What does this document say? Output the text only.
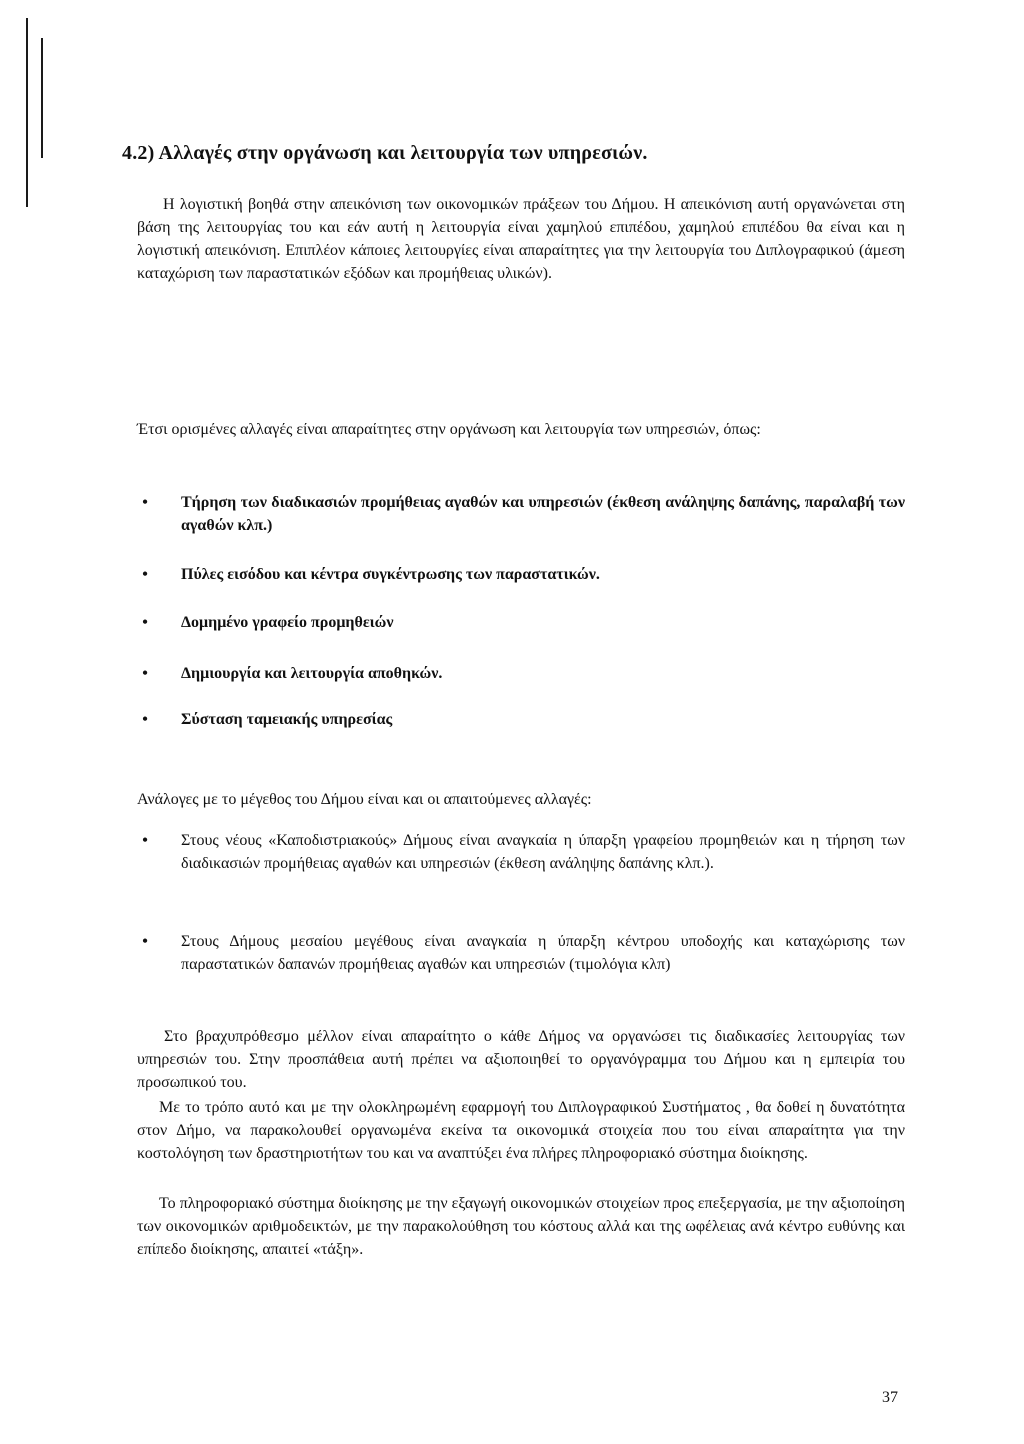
4.2) Αλλαγές στην οργάνωση και λειτουργία των υπηρεσιών.

Η λογιστική βοηθά στην απεικόνιση των οικονομικών πράξεων του Δήμου. Η απεικόνιση αυτή οργανώνεται στη βάση της λειτουργίας του και εάν αυτή η λειτουργία είναι χαμηλού επιπέδου, χαμηλού επιπέδου θα είναι και η λογιστική απεικόνιση. Επιπλέον κάποιες λειτουργίες είναι απαραίτητες για την λειτουργία του Διπλογραφικού (άμεση καταχώριση των παραστατικών εξόδων και προμήθειας υλικών).

Έτσι ορισμένες αλλαγές είναι απαραίτητες στην οργάνωση και λειτουργία των υπηρεσιών, όπως:

• Τήρηση των διαδικασιών προμήθειας αγαθών και υπηρεσιών (έκθεση ανάληψης δαπάνης, παραλαβή των αγαθών κλπ.)
• Πύλες εισόδου και κέντρα συγκέντρωσης των παραστατικών.
• Δομημένο γραφείο προμηθειών
• Δημιουργία και λειτουργία αποθηκών.
• Σύσταση ταμειακής υπηρεσίας

Ανάλογες με το μέγεθος του Δήμου είναι και οι απαιτούμενες αλλαγές:

• Στους νέους «Καποδιστριακούς» Δήμους είναι αναγκαία η ύπαρξη γραφείου προμηθειών και η τήρηση των διαδικασιών προμήθειας αγαθών και υπηρεσιών (έκθεση ανάληψης δαπάνης κλπ.).
• Στους Δήμους μεσαίου μεγέθους είναι αναγκαία η ύπαρξη κέντρου υποδοχής και καταχώρισης των παραστατικών δαπανών προμήθειας αγαθών και υπηρεσιών (τιμολόγια κλπ)

Στο βραχυπρόθεσμο μέλλον είναι απαραίτητο ο κάθε Δήμος να οργανώσει τις διαδικασίες λειτουργίας των υπηρεσιών του. Στην προσπάθεια αυτή πρέπει να αξιοποιηθεί το οργανόγραμμα του Δήμου και η εμπειρία του προσωπικού του.

Με το τρόπο αυτό και με την ολοκληρωμένη εφαρμογή του Διπλογραφικού Συστήματος , θα δοθεί η δυνατότητα στον Δήμο, να παρακολουθεί οργανωμένα εκείνα τα οικονομικά στοιχεία που του είναι απαραίτητα για την κοστολόγηση των δραστηριοτήτων του και να αναπτύξει ένα πλήρες πληροφοριακό σύστημα διοίκησης.

Το πληροφοριακό σύστημα διοίκησης με την εξαγωγή οικονομικών στοιχείων προς επεξεργασία, με την αξιοποίηση των οικονομικών αριθμοδεικτών, με την παρακολούθηση του κόστους αλλά και της ωφέλειας ανά κέντρο ευθύνης και επίπεδο διοίκησης, απαιτεί «τάξη».

37
